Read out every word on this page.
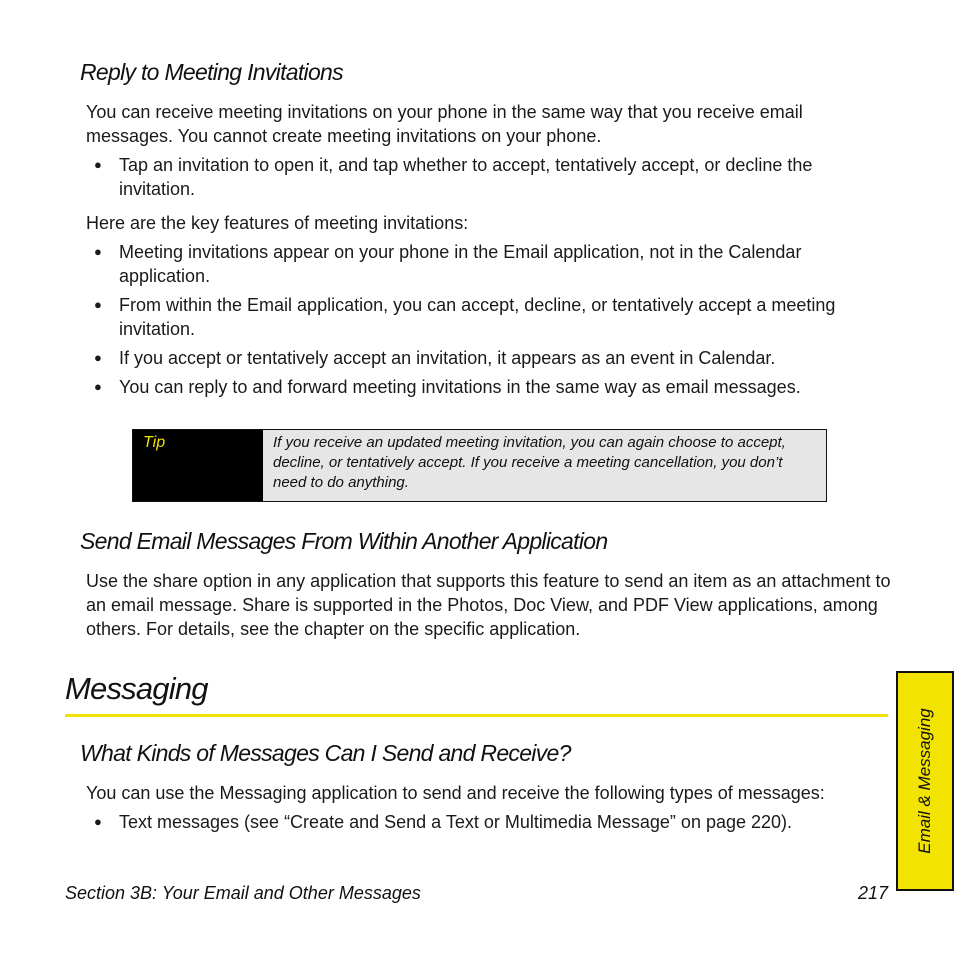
Reply to Meeting Invitations

You can receive meeting invitations on your phone in the same way that you receive email messages. You cannot create meeting invitations on your phone.

● Tap an invitation to open it, and tap whether to accept, tentatively accept, or decline the invitation.

Here are the key features of meeting invitations:

● Meeting invitations appear on your phone in the Email application, not in the Calendar application.
● From within the Email application, you can accept, decline, or tentatively accept a meeting invitation.
● If you accept or tentatively accept an invitation, it appears as an event in Calendar.
● You can reply to and forward meeting invitations in the same way as email messages.
Tip	If you receive an updated meeting invitation, you can again choose to accept, decline, or tentatively accept. If you receive a meeting cancellation, you don’t need to do anything.
Send Email Messages From Within Another Application

Use the share option in any application that supports this feature to send an item as an attachment to an email message. Share is supported in the Photos, Doc View, and PDF View applications, among others. For details, see the chapter on the specific application.

Messaging
What Kinds of Messages Can I Send and Receive?

You can use the Messaging application to send and receive the following types of messages:

● Text messages (see “Create and Send a Text or Multimedia Message” on page 220).	Email & Messaging
Section 3B: Your Email and Other Messages	217
